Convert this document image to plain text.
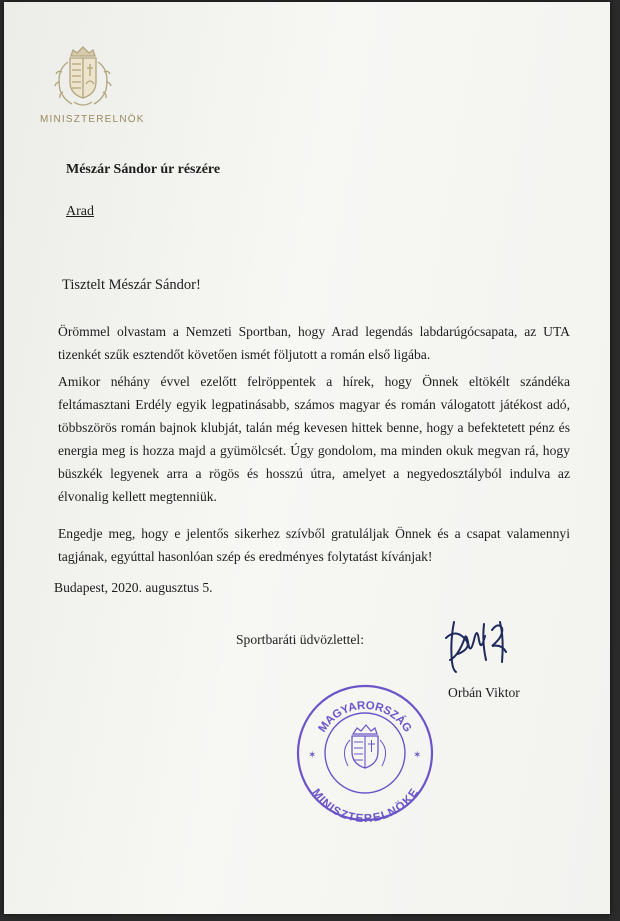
MINISZTERELNÖK
Mészár Sándor úr részére
Arad
Tisztelt Mészár Sándor!

Örömmel olvastam a Nemzeti Sportban, hogy Arad legendás labdarúgócsapata, az UTA tizenkét szűk esztendőt követően ismét följutott a román első ligába.

Amikor néhány évvel ezelőtt felröppentek a hírek, hogy Önnek eltökélt szándéka feltámasztani Erdély egyik legpatinásabb, számos magyar és román válogatott játékost adó, többszörös román bajnok klubját, talán még kevesen hittek benne, hogy a befektetett pénz és energia meg is hozza majd a gyümölcsét. Úgy gondolom, ma minden okuk megvan rá, hogy büszkék legyenek arra a rögös és hosszú útra, amelyet a negyedosztályból indulva az élvonalig kellett megtenniük.

Engedje meg, hogy e jelentős sikerhez szívből gratuláljak Önnek és a csapat valamennyi tagjának, egyúttal hasonlóan szép és eredményes folytatást kívánjak!

Budapest, 2020. augusztus 5.
Sportbaráti üdvözlettel:
Orbán Viktor
MAGYARORSZÁG
MINISZTERELNÖKE
✶	✶
